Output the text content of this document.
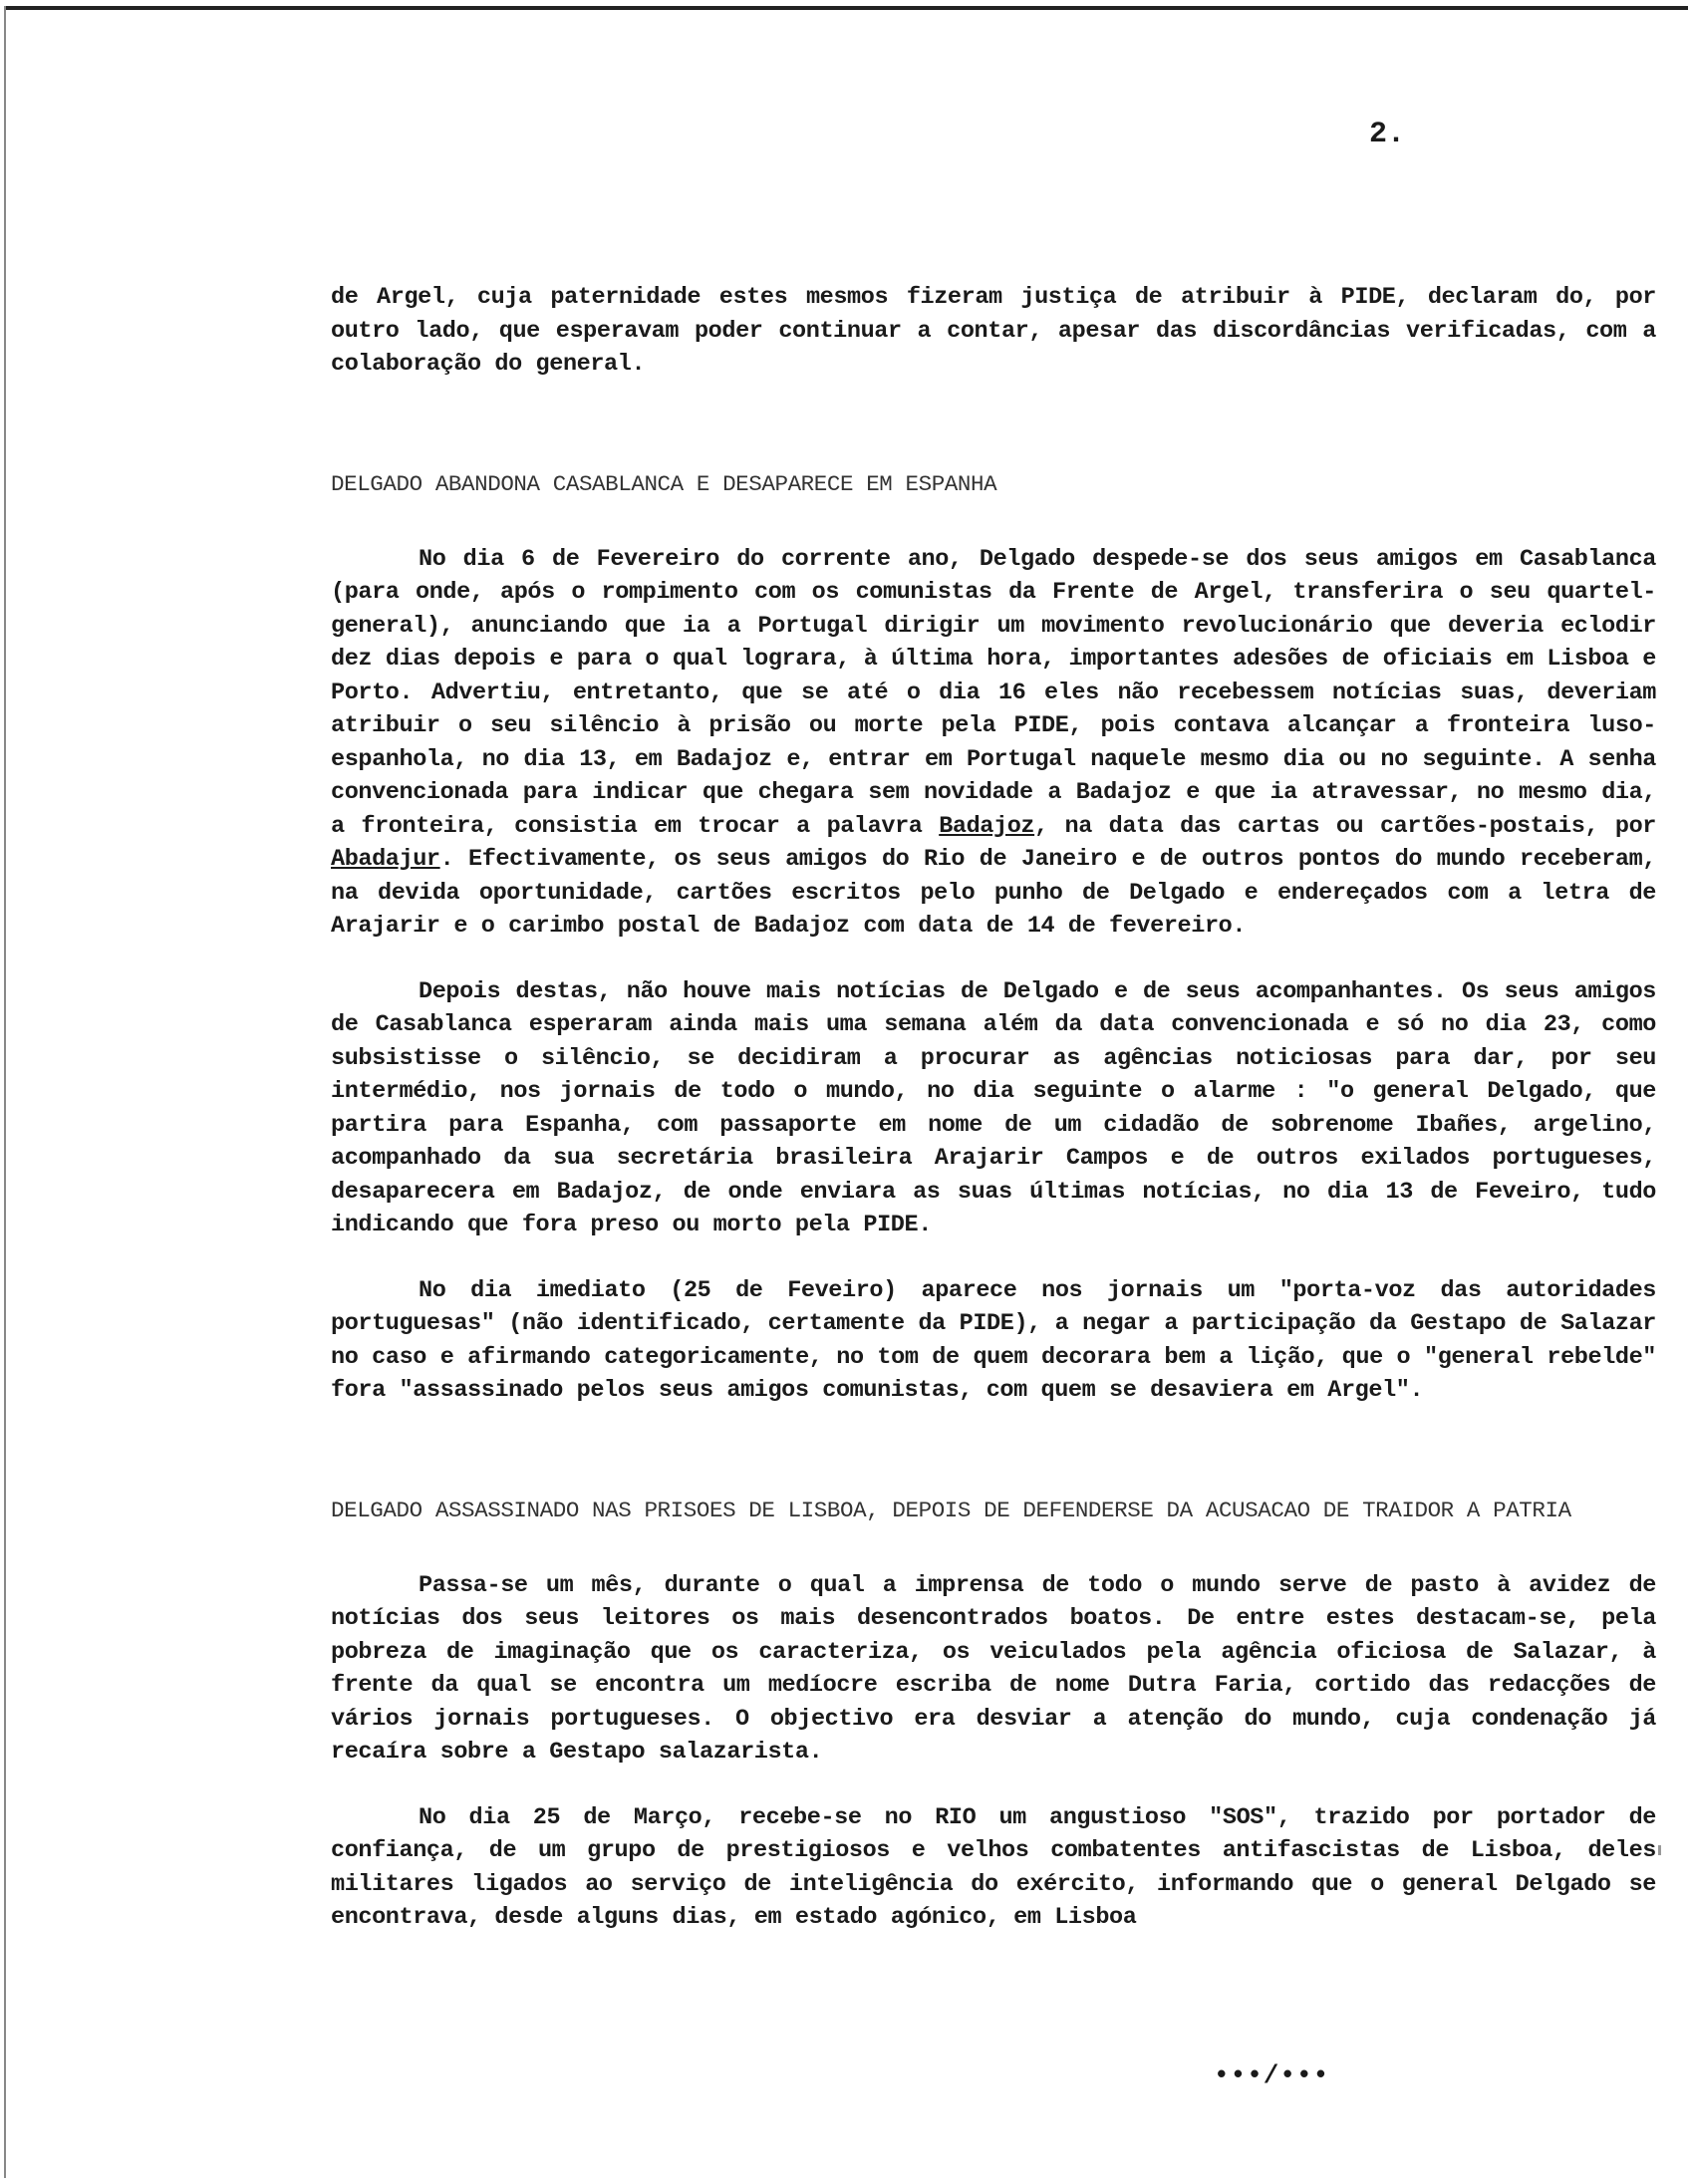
2.

de Argel, cuja paternidade estes mesmos fizeram justiça de atribuir à PIDE, declaram do, por outro lado, que esperavam poder continuar a contar, apesar das discordâncias verificadas, com a colaboração do general.

DELGADO ABANDONA CASABLANCA E DESAPARECE EM ESPANHA

No dia 6 de Fevereiro do corrente ano, Delgado despede-se dos seus amigos em Casablanca (para onde, após o rompimento com os comunistas da Frente de Argel, transferira o seu quartel-general), anunciando que ia a Portugal dirigir um movimento revolucionário que deveria eclodir dez dias depois e para o qual lograra, à última hora, importantes adesões de oficiais em Lisboa e Porto. Advertiu, entretanto, que se até o dia 16 eles não recebessem notícias suas, deveriam atribuir o seu silêncio à prisão ou morte pela PIDE, pois contava alcançar a fronteira luso-espanhola, no dia 13, em Badajoz e, entrar em Portugal naquele mesmo dia ou no seguinte. A senha convencionada para indicar que chegara sem novidade a Badajoz e que ia atravessar, no mesmo dia, a fronteira, consistia em trocar a palavra Badajoz, na data das cartas ou cartões-postais, por Abadajur. Efectivamente, os seus amigos do Rio de Janeiro e de outros pontos do mundo receberam, na devida oportunidade, cartões escritos pelo punho de Delgado e endereçados com a letra de Arajarir e o carimbo postal de Badajoz com data de 14 de fevereiro.

Depois destas, não houve mais notícias de Delgado e de seus acompanhantes. Os seus amigos de Casablanca esperaram ainda mais uma semana além da data convencionada e só no dia 23, como subsistisse o silêncio, se decidiram a procurar as agências noticiosas para dar, por seu intermédio, nos jornais de todo o mundo, no dia seguinte o alarme : "o general Delgado, que partira para Espanha, com passaporte em nome de um cidadão de sobrenome Ibañes, argelino, acompanhado da sua secretária brasileira Arajarir Campos e de outros exilados portugueses, desaparecera em Badajoz, de onde enviara as suas últimas notícias, no dia 13 de Feveiro, tudo indicando que fora preso ou morto pela PIDE.

No dia imediato (25 de Feveiro) aparece nos jornais um "porta-voz das autoridades portuguesas" (não identificado, certamente da PIDE), a negar a participação da Gestapo de Salazar no caso e afirmando categoricamente, no tom de quem decorara bem a lição, que o "general rebelde" fora "assassinado pelos seus amigos comunistas, com quem se desaviera em Argel".

DELGADO ASSASSINADO NAS PRISOES DE LISBOA, DEPOIS DE DEFENDERSE DA ACUSACAO DE TRAIDOR A PATRIA

Passa-se um mês, durante o qual a imprensa de todo o mundo serve de pasto à avidez de notícias dos seus leitores os mais desencontrados boatos. De entre estes destacam-se, pela pobreza de imaginação que os caracteriza, os veiculados pela agência oficiosa de Salazar, à frente da qual se encontra um medíocre escriba de nome Dutra Faria, cortido das redacções de vários jornais portugueses. O objectivo era desviar a atenção do mundo, cuja condenação já recaíra sobre a Gestapo salazarista.

No dia 25 de Março, recebe-se no RIO um angustioso "SOS", trazido por portador de confiança, de um grupo de prestigiosos e velhos combatentes antifascistas de Lisboa, deles militares ligados ao serviço de inteligência do exército, informando que o general Delgado se encontrava, desde alguns dias, em estado agónico, em Lisboa

•••/•••
